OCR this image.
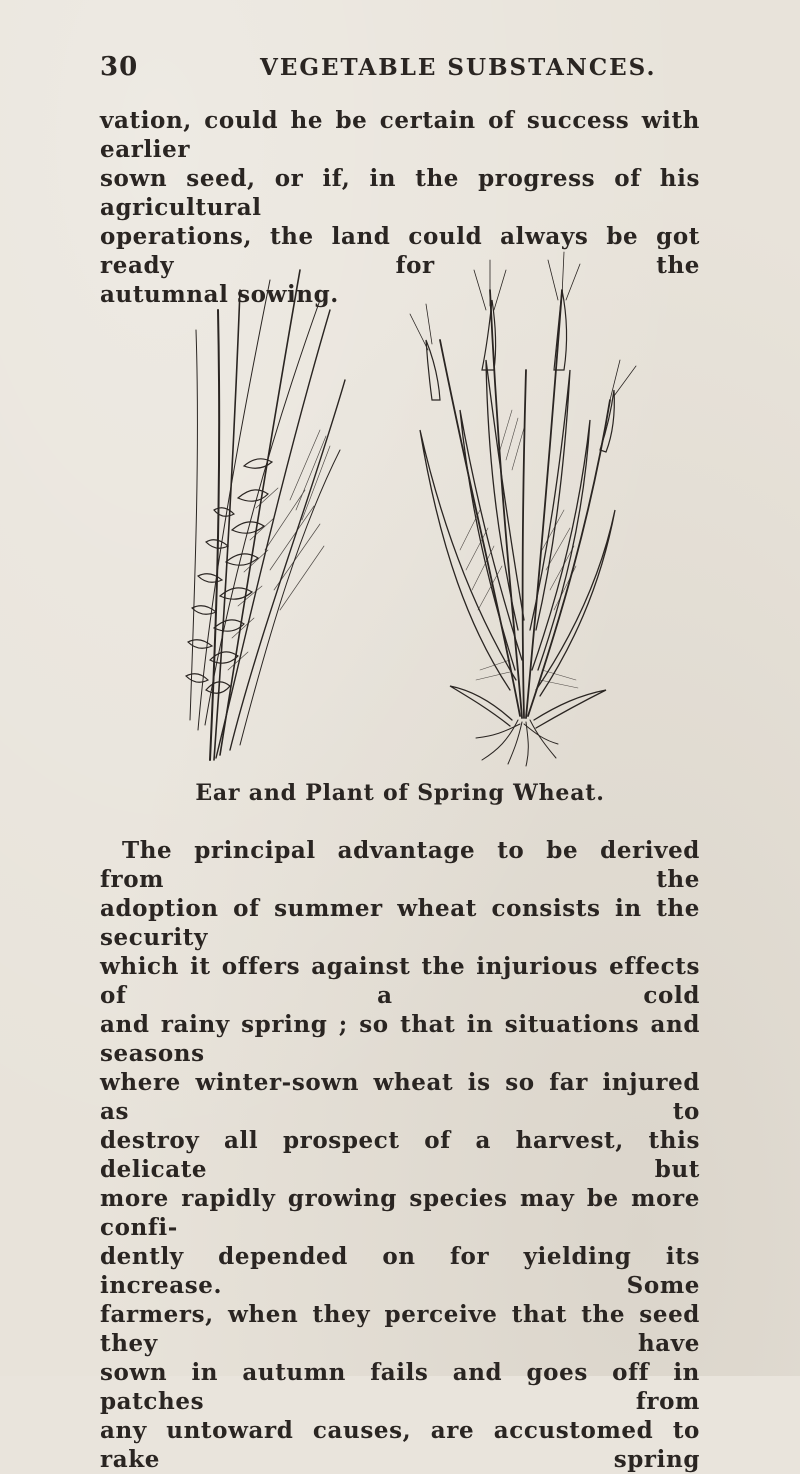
30	VEGETABLE SUBSTANCES.

vation, could he be certain of success with earlier

sown seed, or if, in the progress of his agricultural

operations, the land could always be got ready for the

autumnal sowing.

Ear and Plant of Spring Wheat.

The principal advantage to be derived from the

adoption of summer wheat consists in the security

which it offers against the injurious effects of a cold

and rainy spring ; so that in situations and seasons

where winter-sown wheat is so far injured as to

destroy all prospect of a harvest, this delicate but

more rapidly growing species may be more confi-

dently depended on for yielding its increase. Some

farmers, when they perceive that the seed they have

sown in autumn fails and goes off in patches from

any untoward causes, are accustomed to rake spring
